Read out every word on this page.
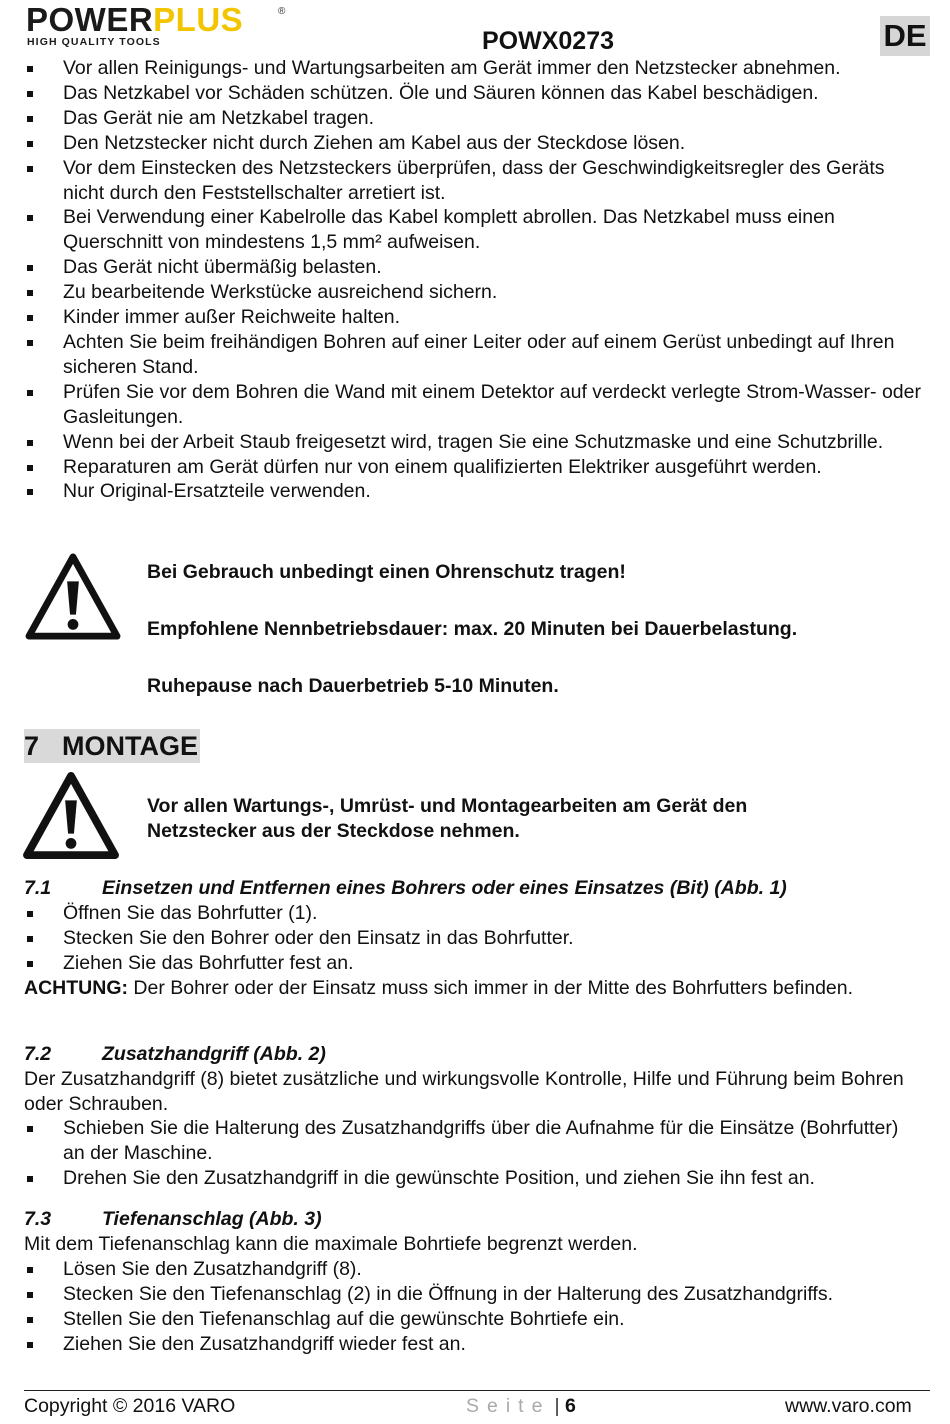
POWERPLUS	®
HIGH QUALITY TOOLS	POWX0273	DE
Vor allen Reinigungs- und Wartungsarbeiten am Gerät immer den Netzstecker abnehmen.
Das Netzkabel vor Schäden schützen. Öle und Säuren können das Kabel beschädigen.
Das Gerät nie am Netzkabel tragen.
Den Netzstecker nicht durch Ziehen am Kabel aus der Steckdose lösen.
Vor dem Einstecken des Netzsteckers überprüfen, dass der Geschwindigkeitsregler des Geräts nicht durch den Feststellschalter arretiert ist.
Bei Verwendung einer Kabelrolle das Kabel komplett abrollen. Das Netzkabel muss einen Querschnitt von mindestens 1,5 mm² aufweisen.
Das Gerät nicht übermäßig belasten.
Zu bearbeitende Werkstücke ausreichend sichern.
Kinder immer außer Reichweite halten.
Achten Sie beim freihändigen Bohren auf einer Leiter oder auf einem Gerüst unbedingt auf Ihren sicheren Stand.
Prüfen Sie vor dem Bohren die Wand mit einem Detektor auf verdeckt verlegte Strom-Wasser- oder Gasleitungen.
Wenn bei der Arbeit Staub freigesetzt wird, tragen Sie eine Schutzmaske und eine Schutzbrille.
Reparaturen am Gerät dürfen nur von einem qualifizierten Elektriker ausgeführt werden.
Nur Original-Ersatzteile verwenden.

Bei Gebrauch unbedingt einen Ohrenschutz tragen!

Empfohlene Nennbetriebsdauer: max. 20 Minuten bei Dauerbelastung.

Ruhepause nach Dauerbetrieb 5-10 Minuten.

7 MONTAGE

Vor allen Wartungs-, Umrüst- und Montagearbeiten am Gerät den Netzstecker aus der Steckdose nehmen.

7.1	Einsetzen und Entfernen eines Bohrers oder eines Einsatzes (Bit) (Abb. 1)

Öffnen Sie das Bohrfutter (1).
Stecken Sie den Bohrer oder den Einsatz in das Bohrfutter.
Ziehen Sie das Bohrfutter fest an.

ACHTUNG: Der Bohrer oder der Einsatz muss sich immer in der Mitte des Bohrfutters befinden.

7.2	Zusatzhandgriff (Abb. 2)

Der Zusatzhandgriff (8) bietet zusätzliche und wirkungsvolle Kontrolle, Hilfe und Führung beim Bohren oder Schrauben.

Schieben Sie die Halterung des Zusatzhandgriffs über die Aufnahme für die Einsätze (Bohrfutter) an der Maschine.
Drehen Sie den Zusatzhandgriff in die gewünschte Position, und ziehen Sie ihn fest an.

7.3	Tiefenanschlag (Abb. 3)

Mit dem Tiefenanschlag kann die maximale Bohrtiefe begrenzt werden.

Lösen Sie den Zusatzhandgriff (8).
Stecken Sie den Tiefenanschlag (2) in die Öffnung in der Halterung des Zusatzhandgriffs.
Stellen Sie den Tiefenanschlag auf die gewünschte Bohrtiefe ein.
Ziehen Sie den Zusatzhandgriff wieder fest an.
Copyright © 2016 VARO	Seite | 6	www.varo.com
